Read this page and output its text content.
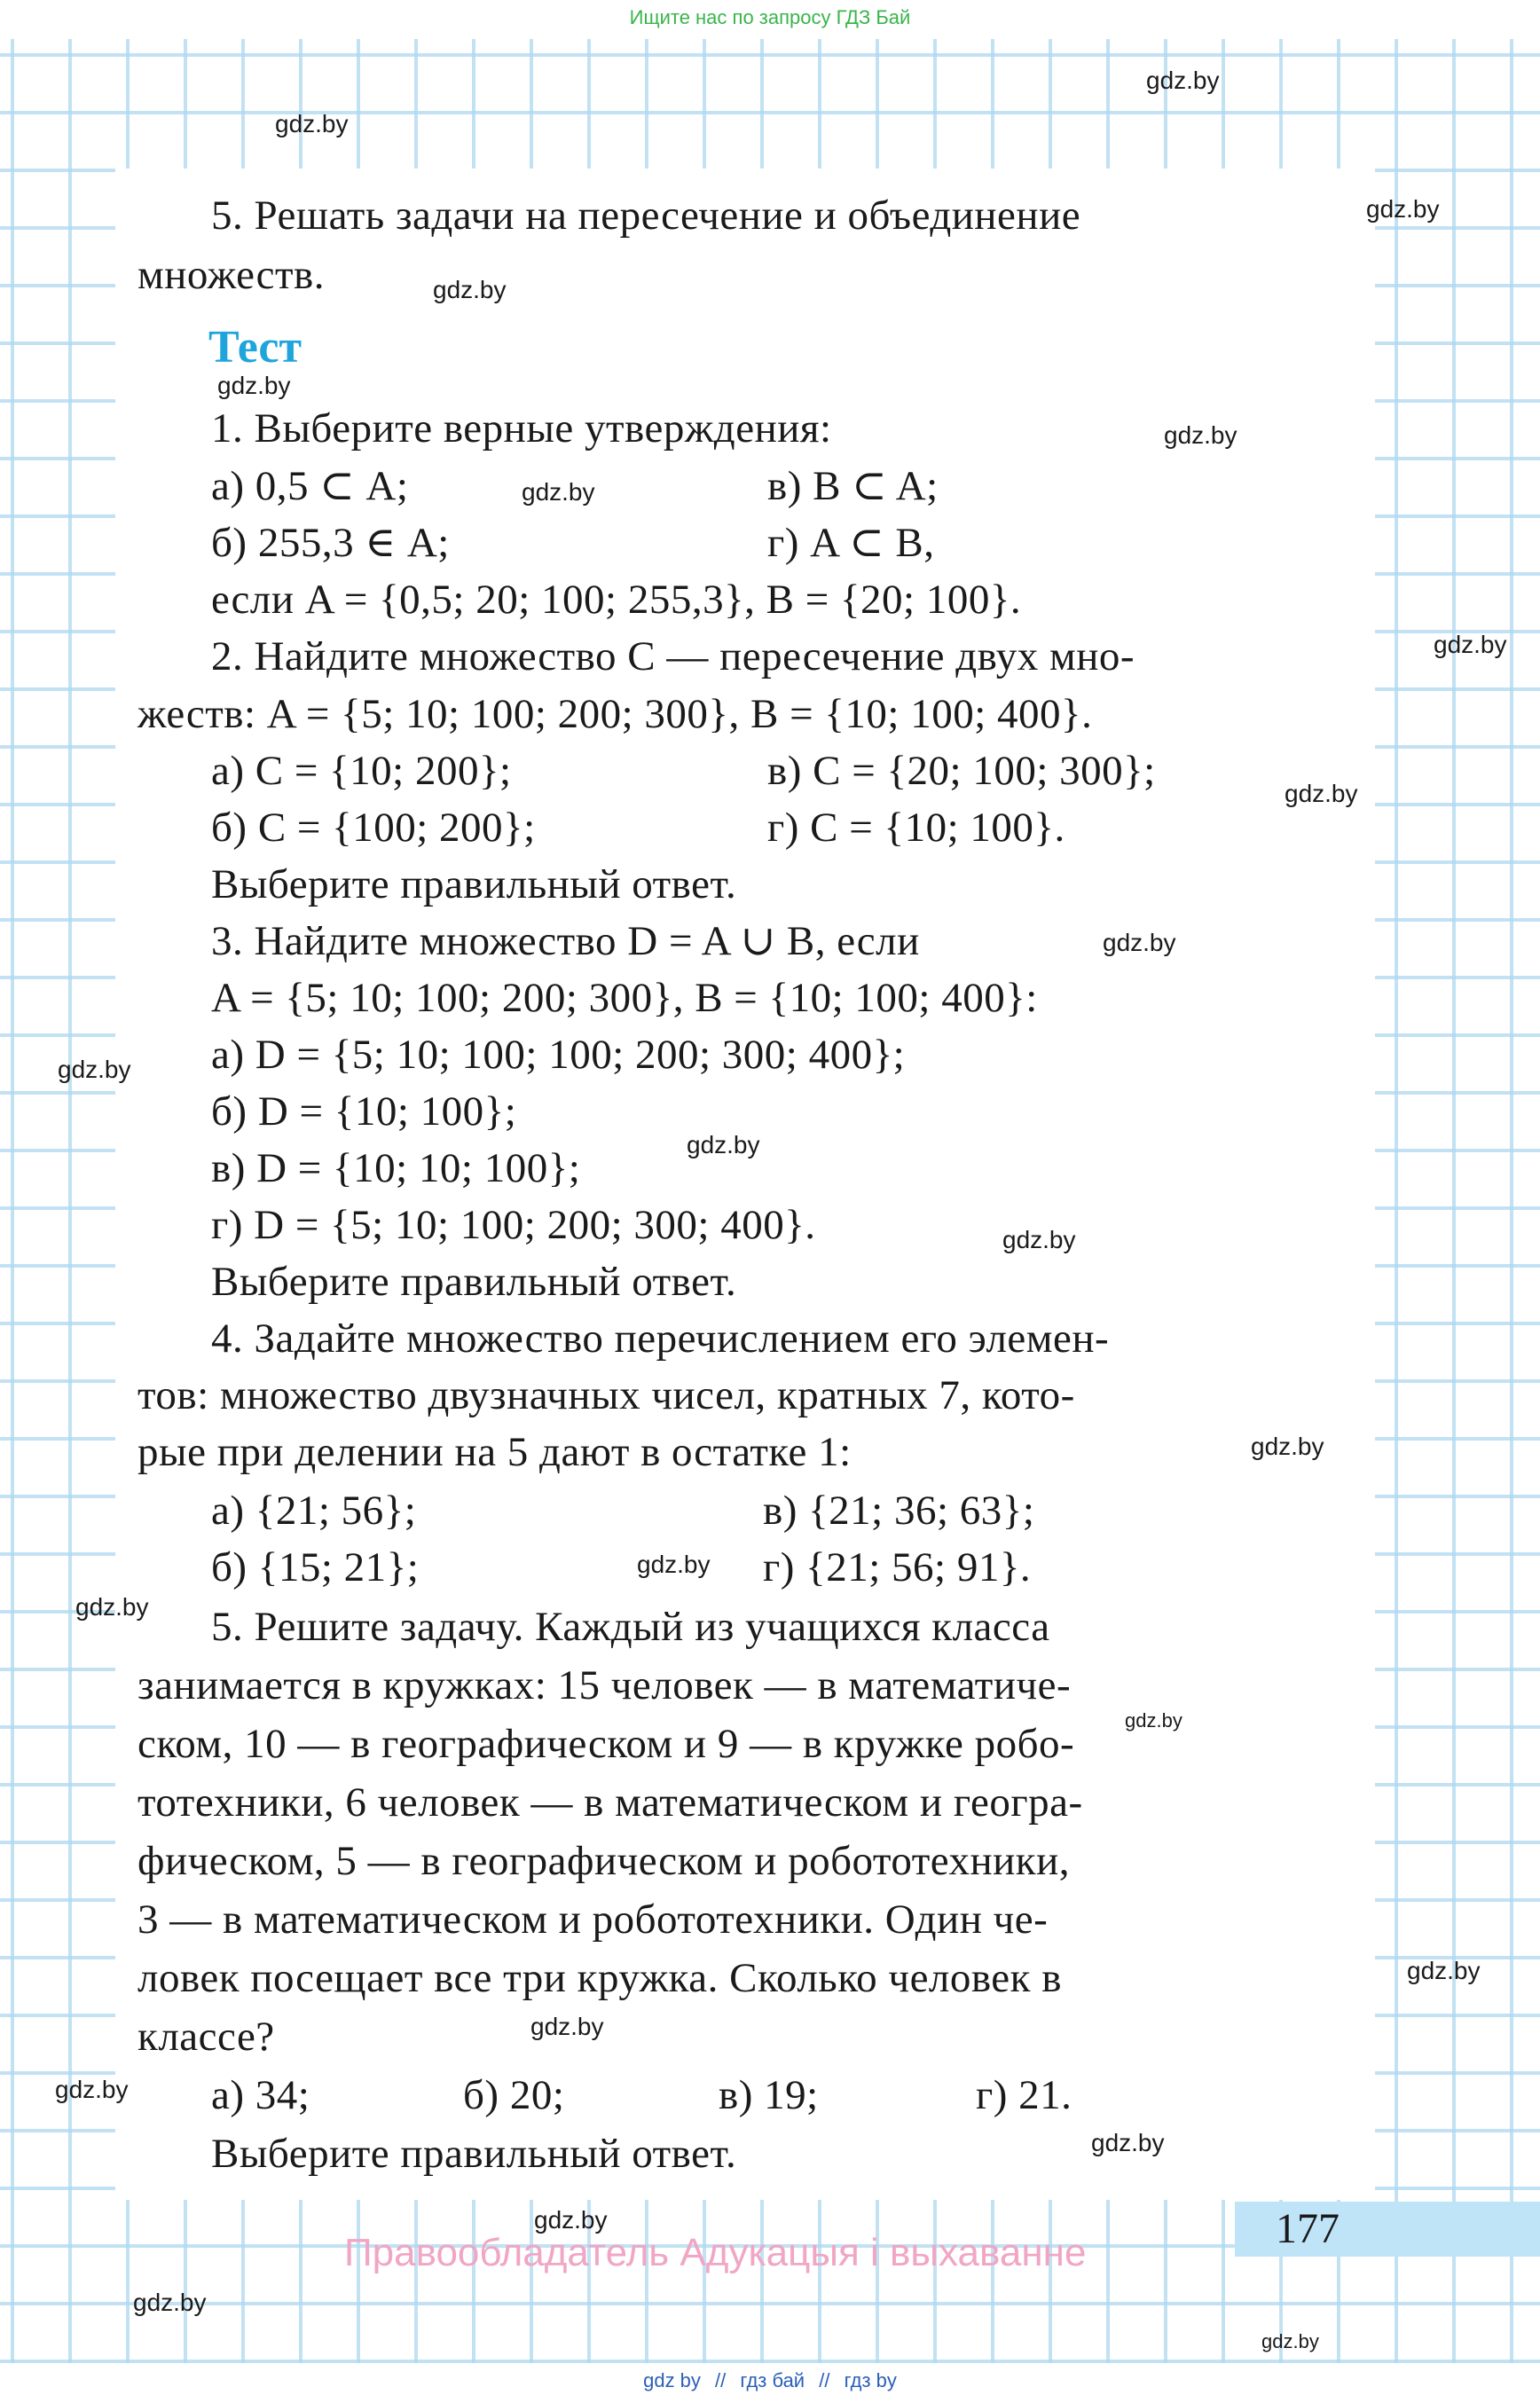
Ищите нас по запросу ГДЗ Бай
5. Решать задачи на пересечение и объединение
множеств.
Тест
1. Выберите верные утверждения:
а) 0,5 ⊂ A;	в) B ⊂ A;
б) 255,3 ∈ A;	г) A ⊂ B,
если A = {0,5; 20; 100; 255,3}, B = {20; 100}.
2. Найдите множество C — пересечение двух мно-
жеств: A = {5; 10; 100; 200; 300}, B = {10; 100; 400}.
а) C = {10; 200};	в) C = {20; 100; 300};
б) C = {100; 200};	г) C = {10; 100}.
Выберите правильный ответ.
3. Найдите множество D = A ∪ B, если
A = {5; 10; 100; 200; 300}, B = {10; 100; 400}:
а) D = {5; 10; 100; 100; 200; 300; 400};
б) D = {10; 100};
в) D = {10; 10; 100};
г) D = {5; 10; 100; 200; 300; 400}.
Выберите правильный ответ.
4. Задайте множество перечислением его элемен-
тов: множество двузначных чисел, кратных 7, кото-
рые при делении на 5 дают в остатке 1:
а) {21; 56};	в) {21; 36; 63};
б) {15; 21};	г) {21; 56; 91}.
5. Решите задачу. Каждый из учащихся класса
занимается в кружках: 15 человек — в математиче-
ском, 10 — в географическом и 9 — в кружке робо-
тотехники, 6 человек — в математическом и геогра-
фическом, 5 — в географическом и робототехники,
3 — в математическом и робототехники. Один че-
ловек посещает все три кружка. Сколько человек в
классе?
а) 34;	б) 20;	в) 19;	г) 21.
Выберите правильный ответ.
177
Правообладатель Адукацыя і выхаванне
gdz.by
gdz.by
gdz.by
gdz.by
gdz.by
gdz.by
gdz.by
gdz.by
gdz.by
gdz.by
gdz.by
gdz.by
gdz.by
gdz.by
gdz.by
gdz.by
gdz.by
gdz.by
gdz.by
gdz.by
gdz.by
gdz.by
gdz.by
gdz.by
gdz by // гдз бай // гдз by
